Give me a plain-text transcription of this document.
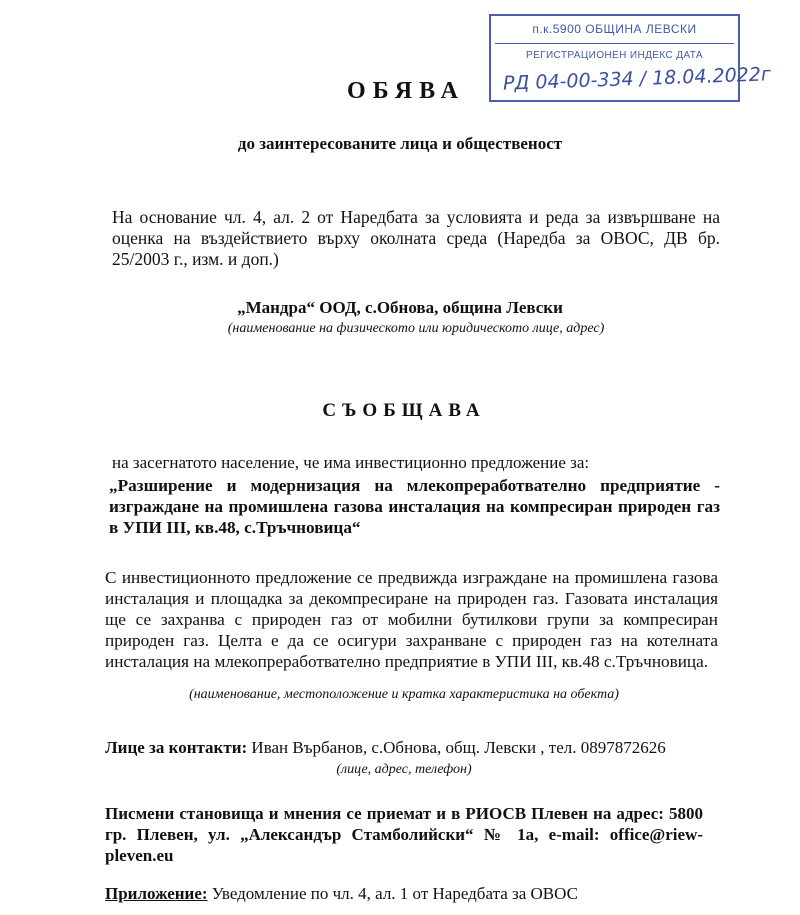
п.к.5900 ОБЩИНА ЛЕВСКИ
РЕГИСТРАЦИОНЕН ИНДЕКС ДАТА
РД 04-00-334 / 18.04.2022г
ОБЯВА
до заинтересованите лица и общественост
На основание чл. 4, ал. 2 от Наредбата за условията и реда за извършване на оценка на въздействието върху околната среда (Наредба за ОВОС, ДВ бр. 25/2003 г., изм. и доп.)
„Мандра“ ООД, с.Обнова, община Левски
(наименование на физическото или юридическото лице, адрес)
СЪОБЩАВА
на засегнатото население, че има инвестиционно предложение за:
„Разширение и модернизация на млекопреработвателно предприятие - изграждане на промишлена газова инсталация на компресиран природен газ в УПИ III, кв.48, с.Тръчновица“
С инвестиционното предложение се предвижда изграждане на промишлена газова инсталация и площадка за декомпресиране на природен газ. Газовата инсталация ще се захранва с природен газ от мобилни бутилкови групи за компресиран природен газ. Целта е да се осигури захранване с природен газ на котелната инсталация на млекопреработвателно предприятие в УПИ III, кв.48 с.Тръчновица.
(наименование, местоположение и кратка характеристика на обекта)
Лице за контакти: Иван Върбанов, с.Обнова, общ. Левски , тел. 0897872626
(лице, адрес, телефон)
Писмени становища и мнения се приемат и в РИОСВ Плевен на адрес: 5800 гр. Плевен, ул. „Александър Стамболийски“ № 1а, e-mail: office@riew-pleven.eu
Приложение: Уведомление по чл. 4, ал. 1 от Наредбата за ОВОС
